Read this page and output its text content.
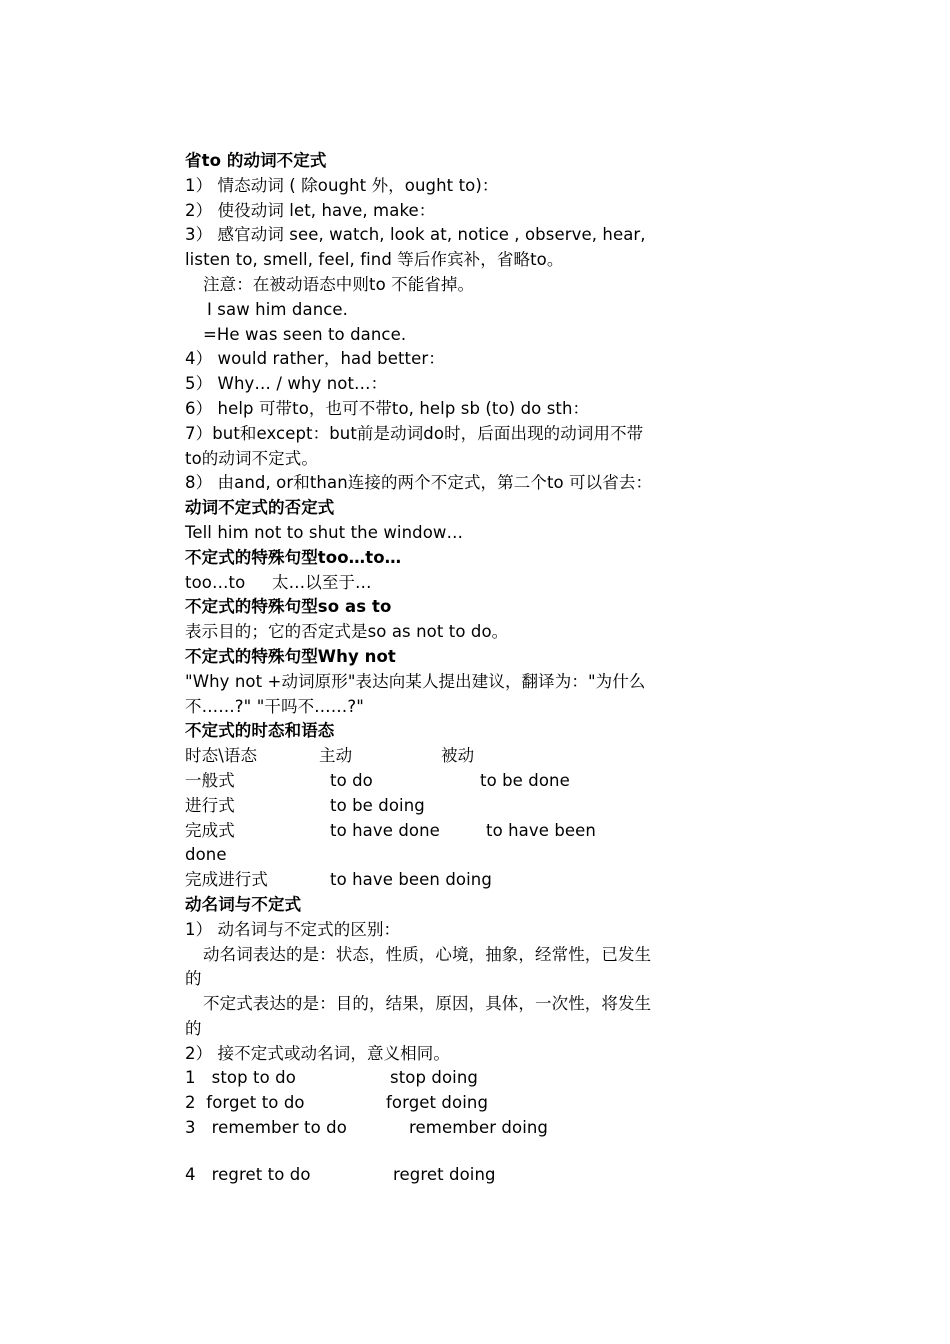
省to 的动词不定式
1） 情态动词 ( 除ought 外，ought to)：
2） 使役动词 let, have, make：
3） 感官动词 see, watch, look at, notice , observe, hear, listen to, smell, feel, find 等后作宾补，省略to。
注意：在被动语态中则to 不能省掉。
I saw him dance.
=He was seen to dance.
4） would rather，had better：
5） Why… / why not…：
6） help 可带to，也可不带to, help sb (to) do sth：
7）but和except：but前是动词do时，后面出现的动词用不带to的动词不定式。
8） 由and, or和than连接的两个不定式，第二个to 可以省去：
动词不定式的否定式
Tell him not to shut the window…
不定式的特殊句型too…to…
too…to     太…以至于…
不定式的特殊句型so as to
表示目的；它的否定式是so as not to do。
不定式的特殊句型Why not
"Why not +动词原形"表达向某人提出建议，翻译为："为什么不……?" "干吗不……?"
不定式的时态和语态
时态\语态	主动	被动
一般式	to do	to be done
进行式	to be doing
完成式	to have done	to have been
done
完成进行式	to have been doing
动名词与不定式
1） 动名词与不定式的区别：
动名词表达的是：状态，性质，心境，抽象，经常性，已发生的
不定式表达的是：目的，结果，原因，具体，一次性，将发生的
2） 接不定式或动名词，意义相同。
1   stop to do	stop doing
2  forget to do	forget doing
3   remember to do	remember doing
4   regret to do	regret doing
